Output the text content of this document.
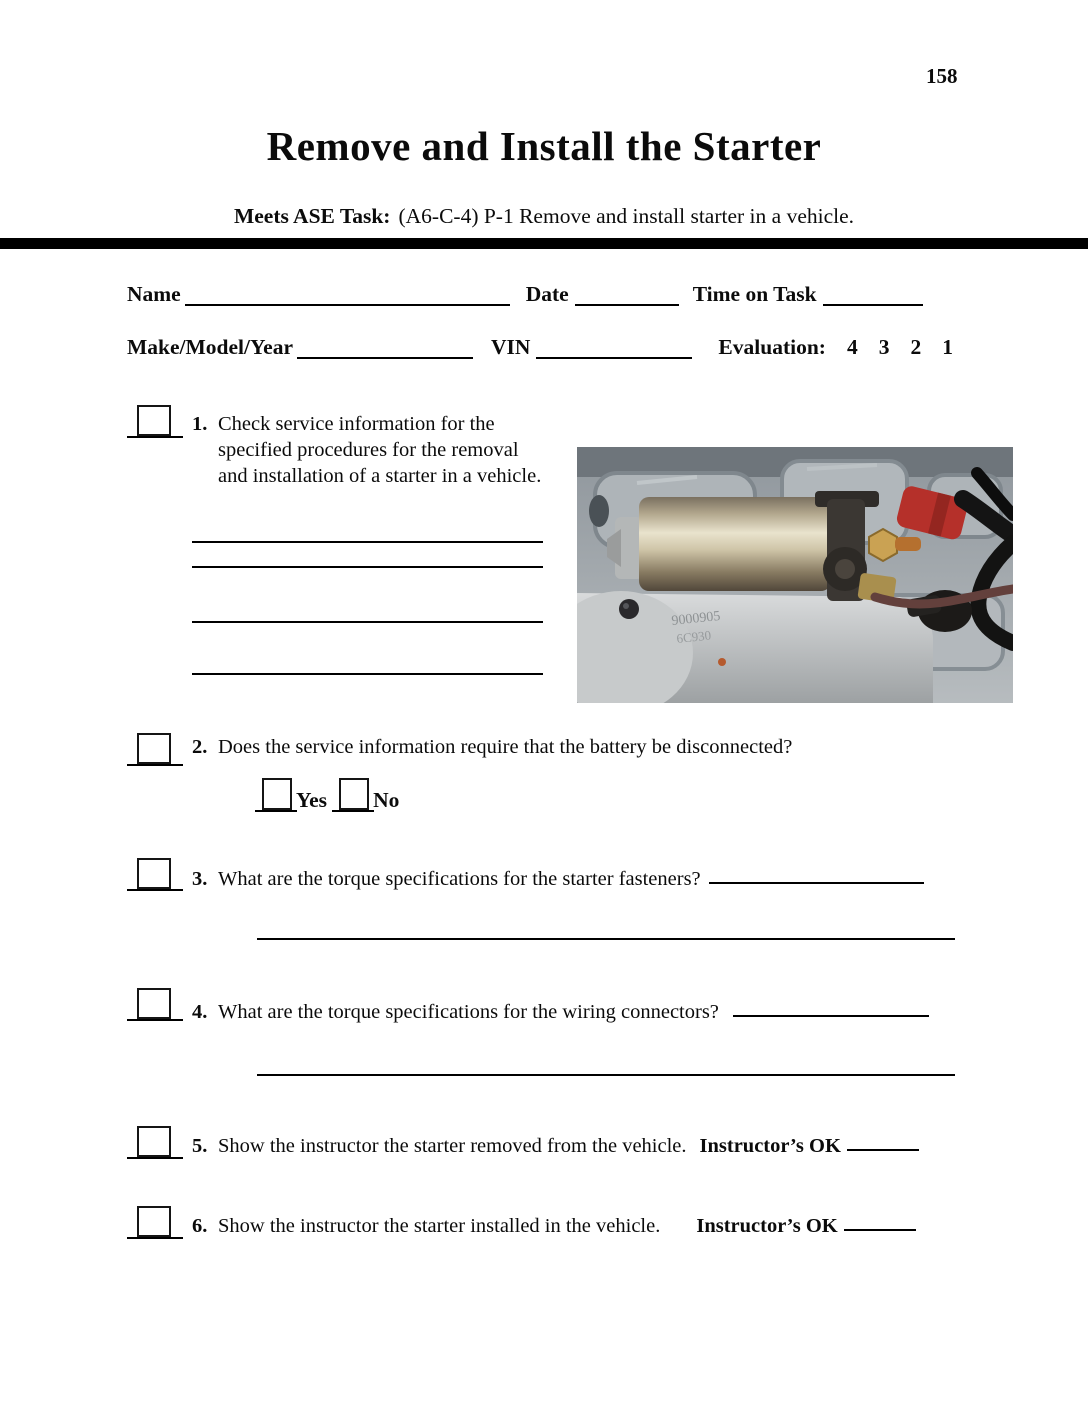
158
Remove and Install the Starter
Meets ASE Task: (A6-C-4) P-1 Remove and install starter in a vehicle.
Name	Date	Time on Task
Make/Model/Year	VIN	Evaluation: 4 3 2 1
1. Check service information for the
specified procedures for the removal
and installation of a starter in a vehicle.
9000905
6C930
2. Does the service information require that the battery be disconnected?
Yes No
3. What are the torque specifications for the starter fasteners?
4. What are the torque specifications for the wiring connectors?
5. Show the instructor the starter removed from the vehicle. Instructor’s OK
6. Show the instructor the starter installed in the vehicle. Instructor’s OK
